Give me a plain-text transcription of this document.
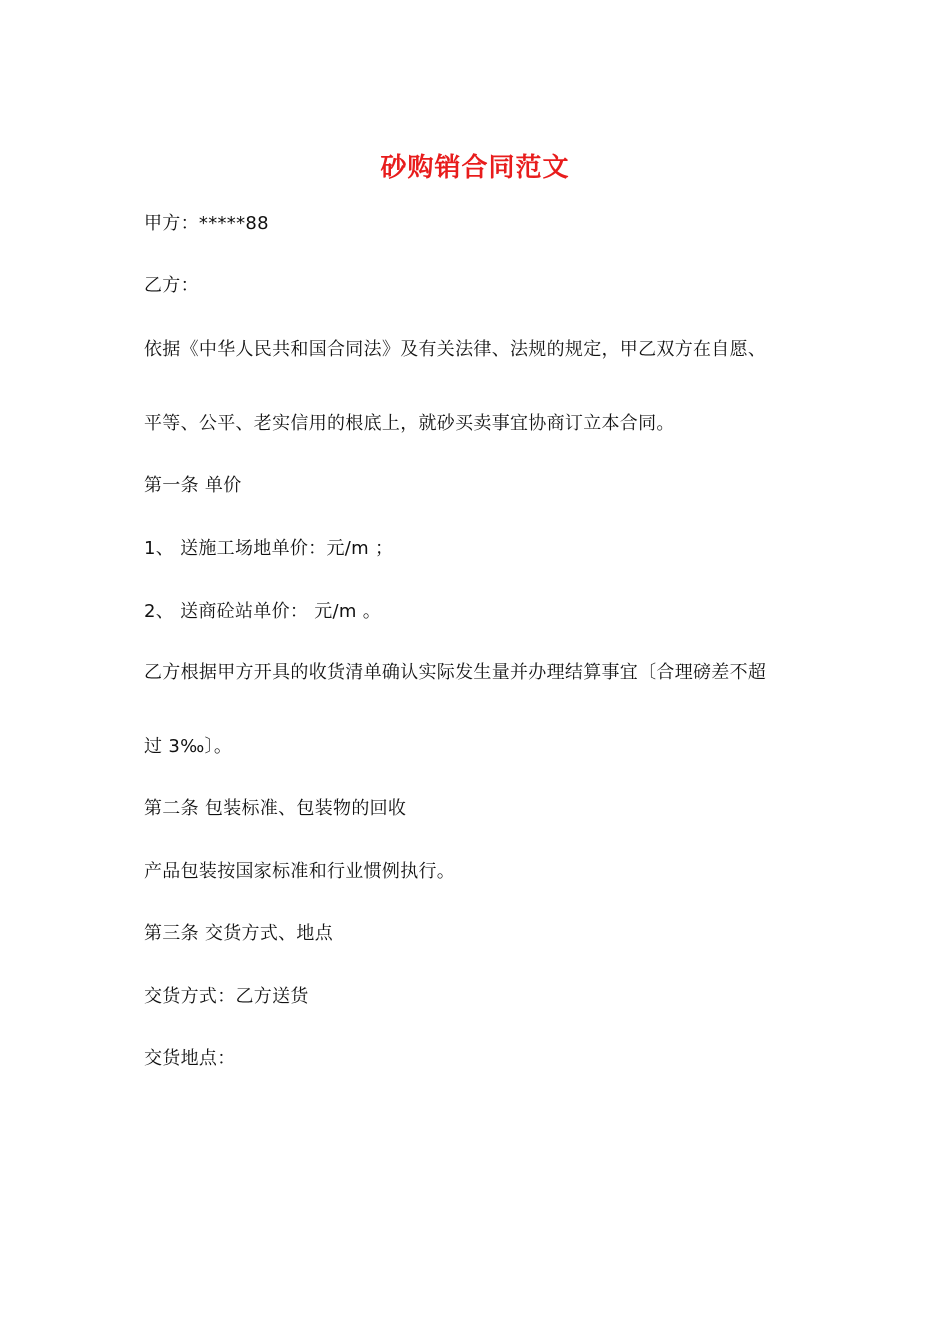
砂购销合同范文
甲方：*****88
乙方：
依据《中华人民共和国合同法》及有关法律、法规的规定，甲乙双方在自愿、
平等、公平、老实信用的根底上，就砂买卖事宜协商订立本合同。
第一条 单价
1、 送施工场地单价：元/m ；
2、 送商砼站单价： 元/m 。
乙方根据甲方开具的收货清单确认实际发生量并办理结算事宜〔合理磅差不超
过 3‰〕。
第二条 包装标准、包装物的回收
产品包装按国家标准和行业惯例执行。
第三条 交货方式、地点
交货方式：乙方送货
交货地点：
